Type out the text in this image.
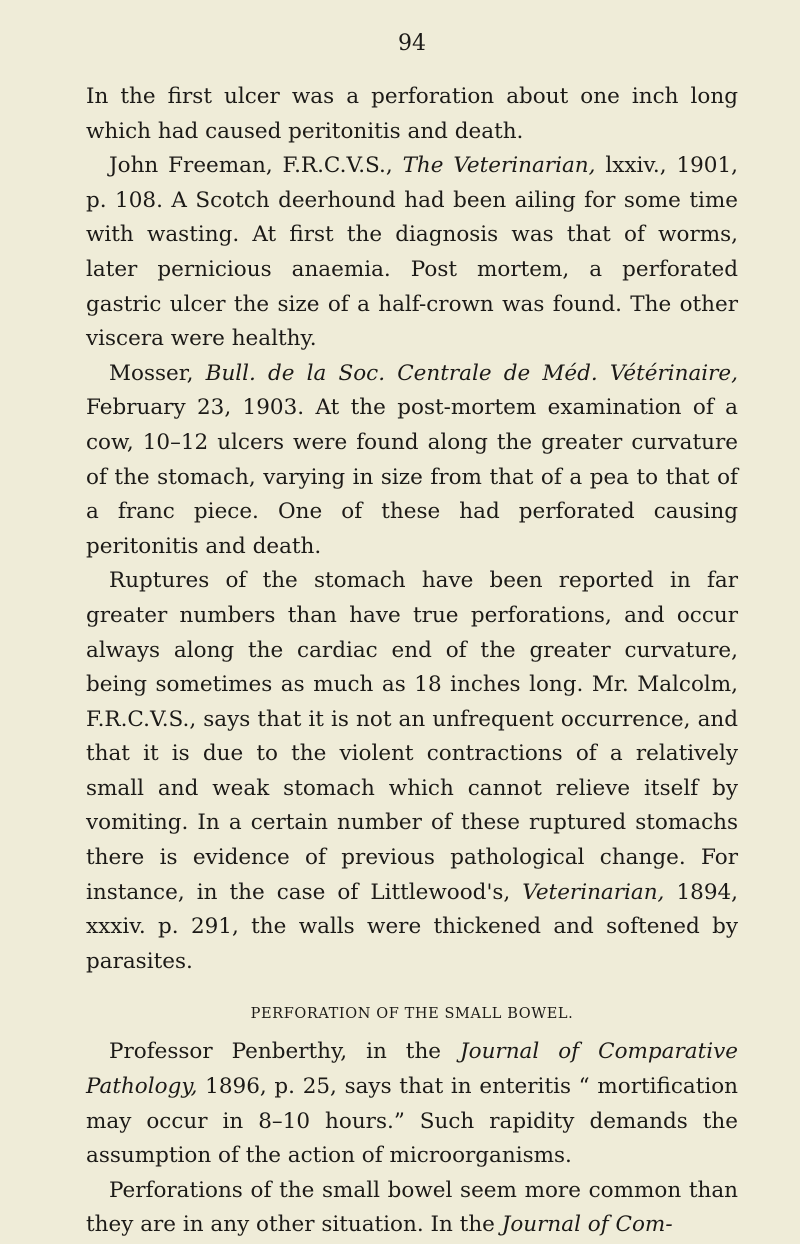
94

In the first ulcer was a perforation about one inch long which had caused peritonitis and death.

John Freeman, F.R.C.V.S., The Veterinarian, lxxiv., 1901, p. 108. A Scotch deerhound had been ailing for some time with wasting. At first the diagnosis was that of worms, later pernicious anaemia. Post mortem, a perforated gastric ulcer the size of a half-crown was found. The other viscera were healthy.

Mosser, Bull. de la Soc. Centrale de Méd. Vétérinaire, February 23, 1903. At the post-mortem examination of a cow, 10–12 ulcers were found along the greater curvature of the stomach, varying in size from that of a pea to that of a franc piece. One of these had perforated causing peritonitis and death.

Ruptures of the stomach have been reported in far greater numbers than have true perforations, and occur always along the cardiac end of the greater curvature, being sometimes as much as 18 inches long. Mr. Malcolm, F.R.C.V.S., says that it is not an unfrequent occurrence, and that it is due to the violent contractions of a relatively small and weak stomach which cannot relieve itself by vomiting. In a certain number of these ruptured stomachs there is evidence of previous pathological change. For instance, in the case of Littlewood's, Veterinarian, 1894, xxxiv. p. 291, the walls were thickened and softened by parasites.

PERFORATION OF THE SMALL BOWEL.

Professor Penberthy, in the Journal of Comparative Pathology, 1896, p. 25, says that in enteritis “ mortification may occur in 8–10 hours.” Such rapidity demands the assumption of the action of microorganisms.

Perforations of the small bowel seem more common than they are in any other situation. In the Journal of Com-
